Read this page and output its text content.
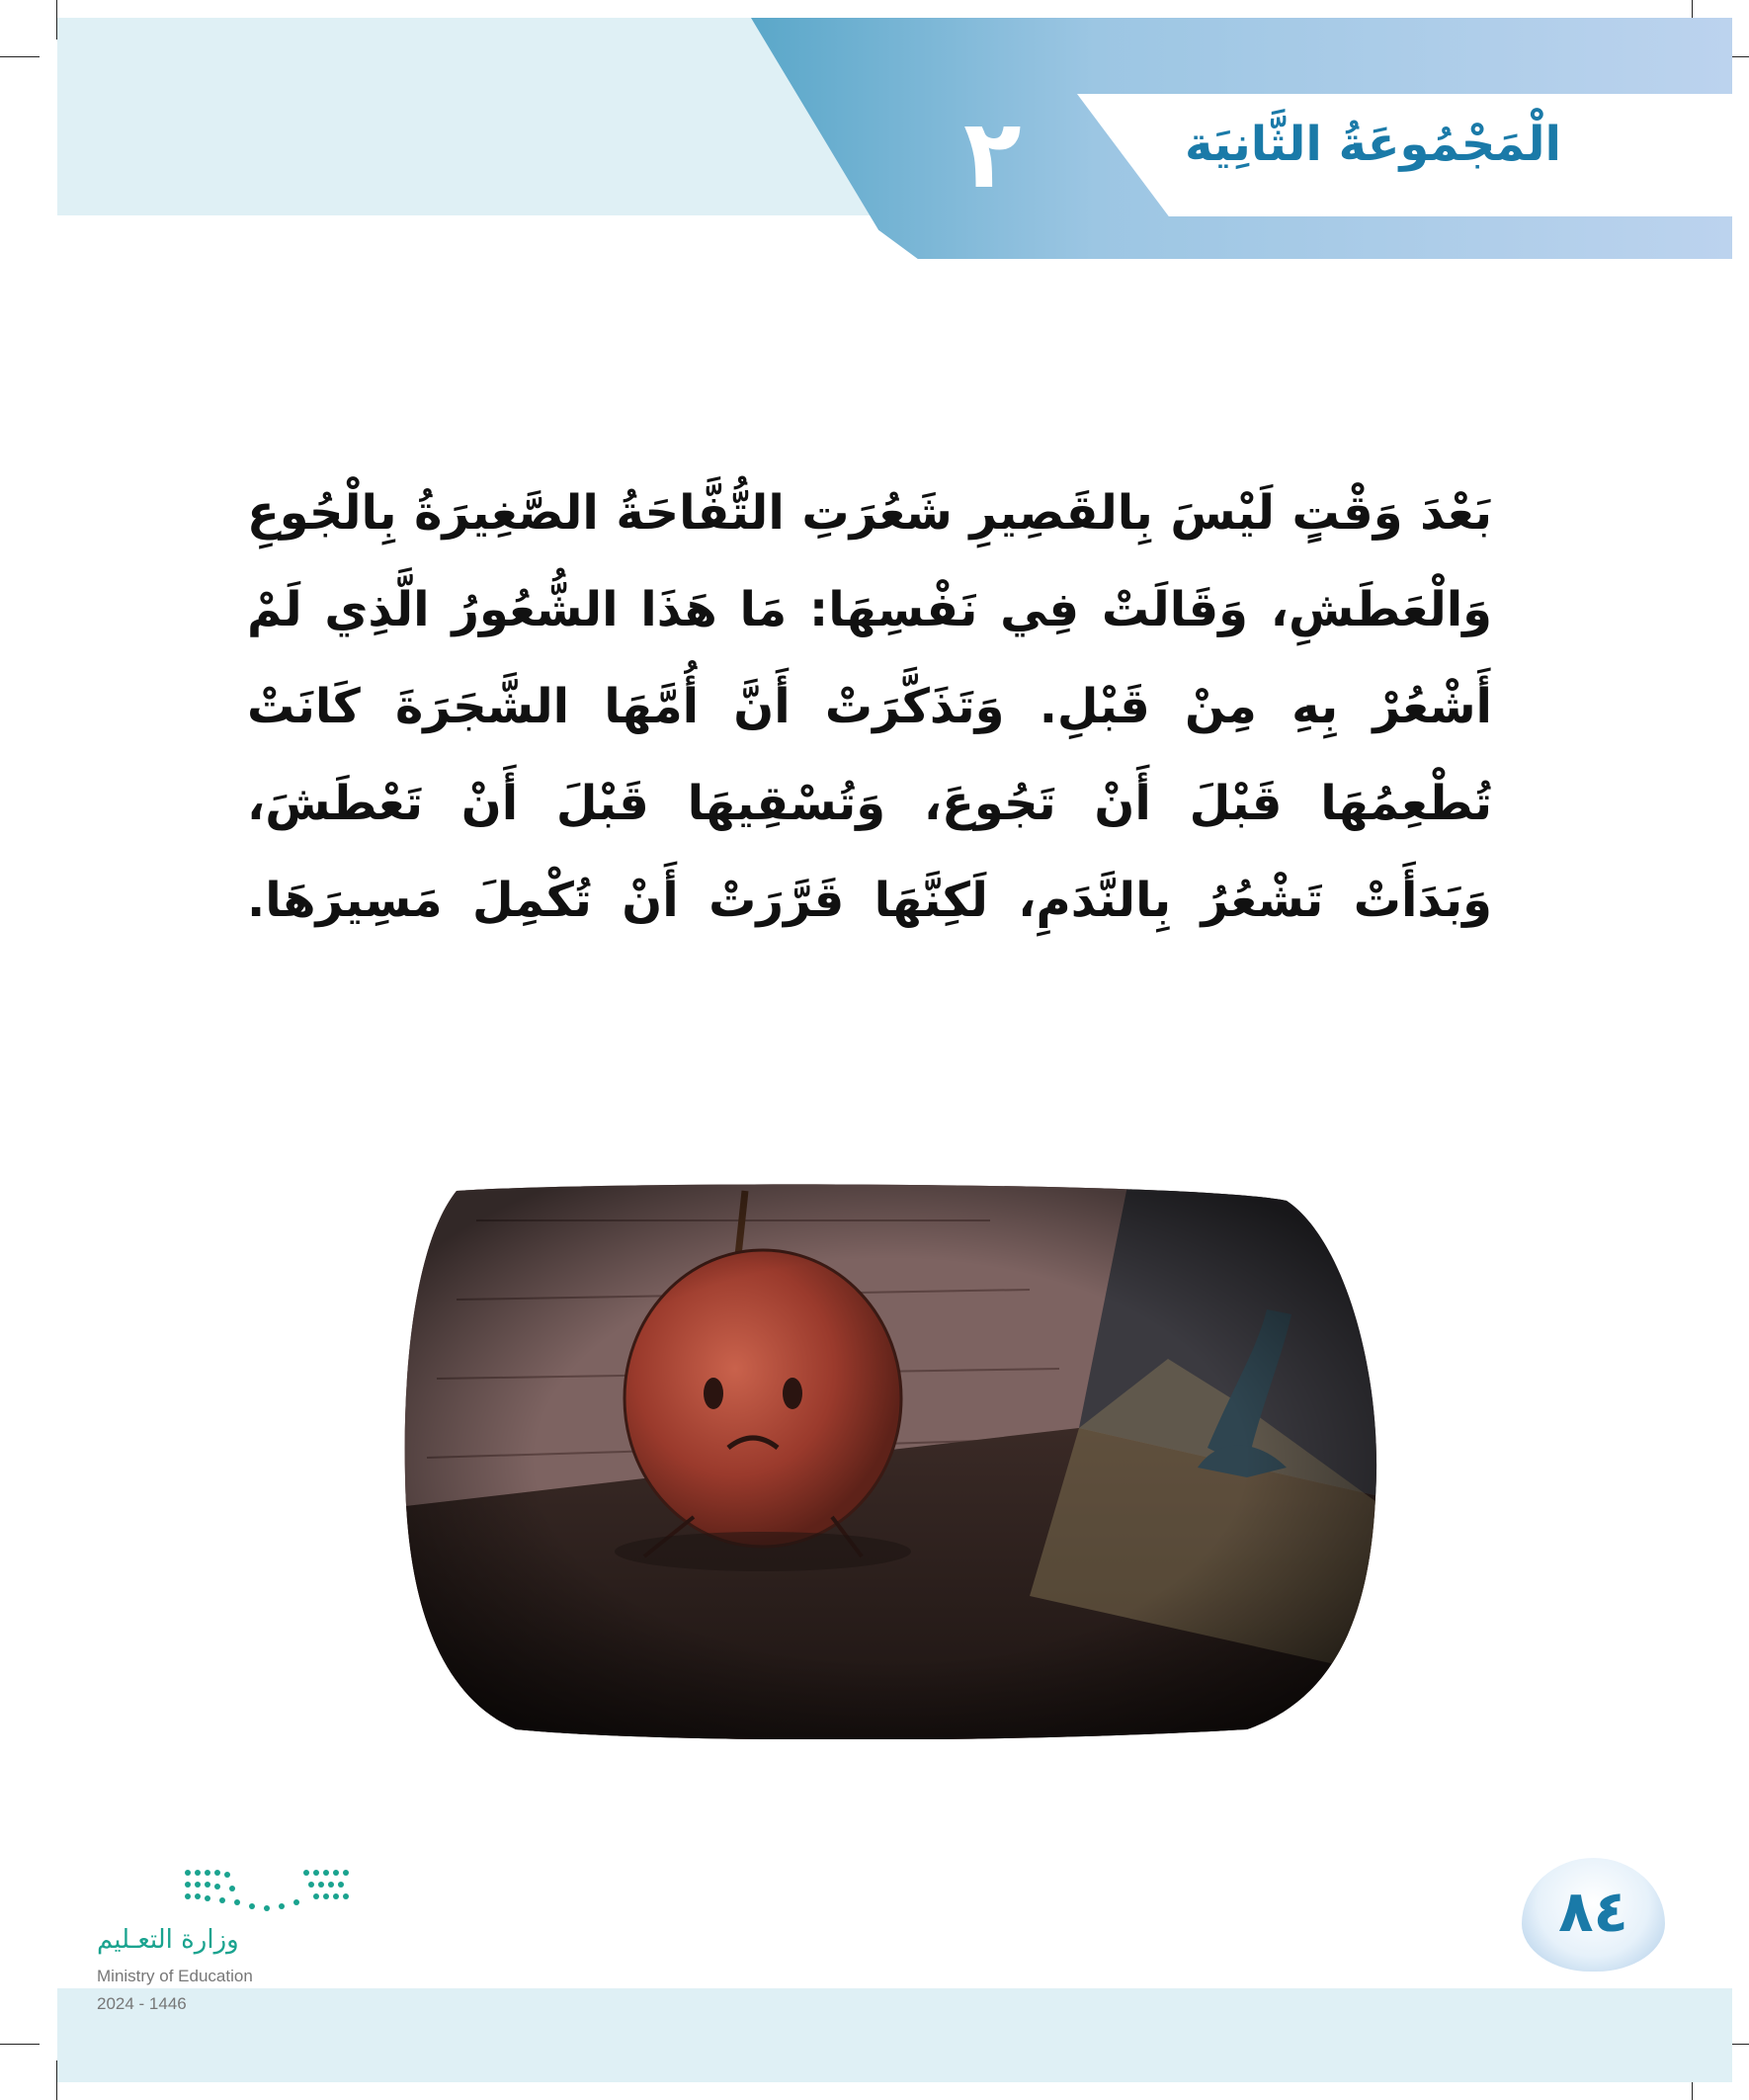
الْمَجْمُوعَةُ الثَّانِيَة
٢
بَعْدَ وَقْتٍ لَيْسَ بِالقَصِيرِ شَعُرَتِ التُّفَّاحَةُ الصَّغِيرَةُ بِالْجُوعِ وَالْعَطَشِ، وَقَالَتْ فِي نَفْسِهَا: مَا هَذَا الشُّعُورُ الَّذِي لَمْ أَشْعُرْ بِهِ مِنْ قَبْلِ. وَتَذَكَّرَتْ أَنَّ أُمَّهَا الشَّجَرَةَ كَانَتْ تُطْعِمُهَا قَبْلَ أَنْ تَجُوعَ، وَتُسْقِيهَا قَبْلَ أَنْ تَعْطَشَ، وَبَدَأَتْ تَشْعُرُ بِالنَّدَمِ، لَكِنَّهَا قَرَّرَتْ أَنْ تُكْمِلَ مَسِيرَهَا.
٨٤
وزارة التعـليم
Ministry of Education
2024 - 1446
